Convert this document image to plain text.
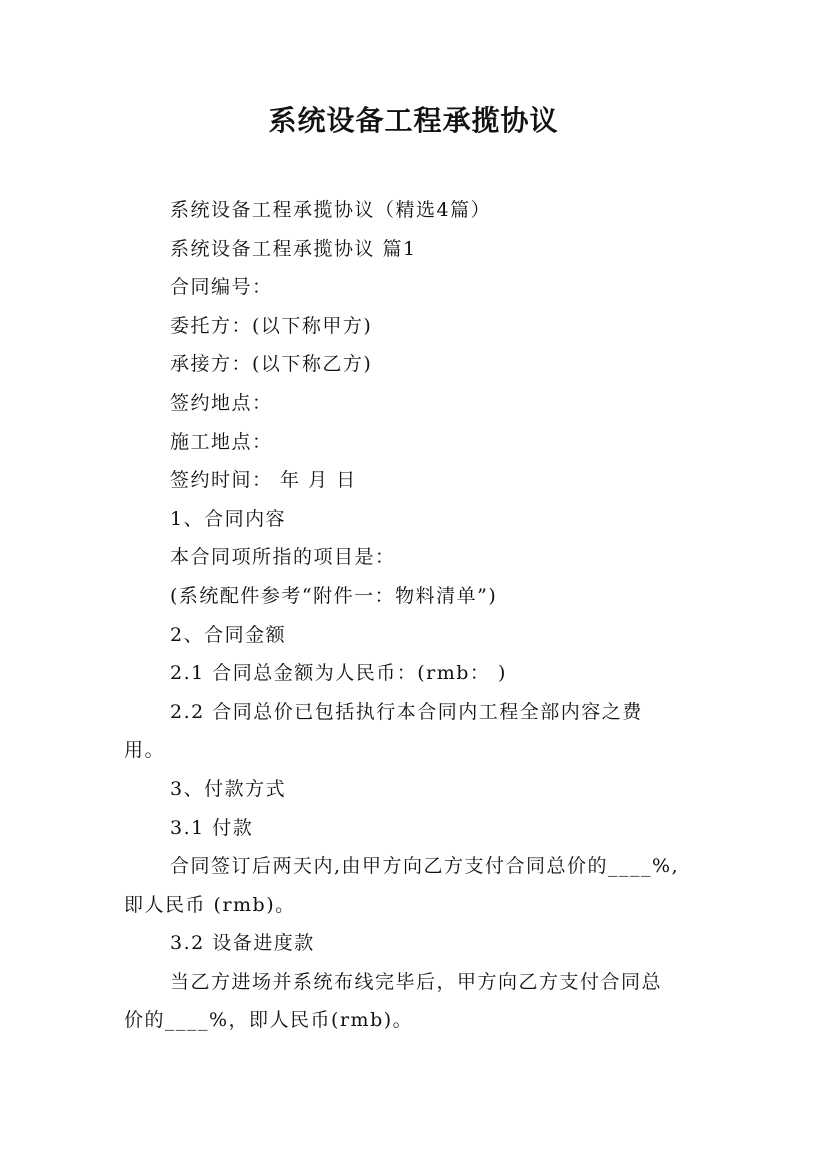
系统设备工程承揽协议
系统设备工程承揽协议（精选4篇）
系统设备工程承揽协议 篇1
合同编号：
委托方：(以下称甲方)
承接方：(以下称乙方)
签约地点：
施工地点：
签约时间： 年 月 日
1、合同内容
本合同项所指的项目是：
(系统配件参考“附件一：物料清单”)
2、合同金额
2.1 合同总金额为人民币：(rmb： )
2.2 合同总价已包括执行本合同内工程全部内容之费
用。
3、付款方式
3.1 付款
合同签订后两天内,由甲方向乙方支付合同总价的____%,
即人民币 (rmb)。
3.2 设备进度款
当乙方进场并系统布线完毕后，甲方向乙方支付合同总
价的____%，即人民币(rmb)。
